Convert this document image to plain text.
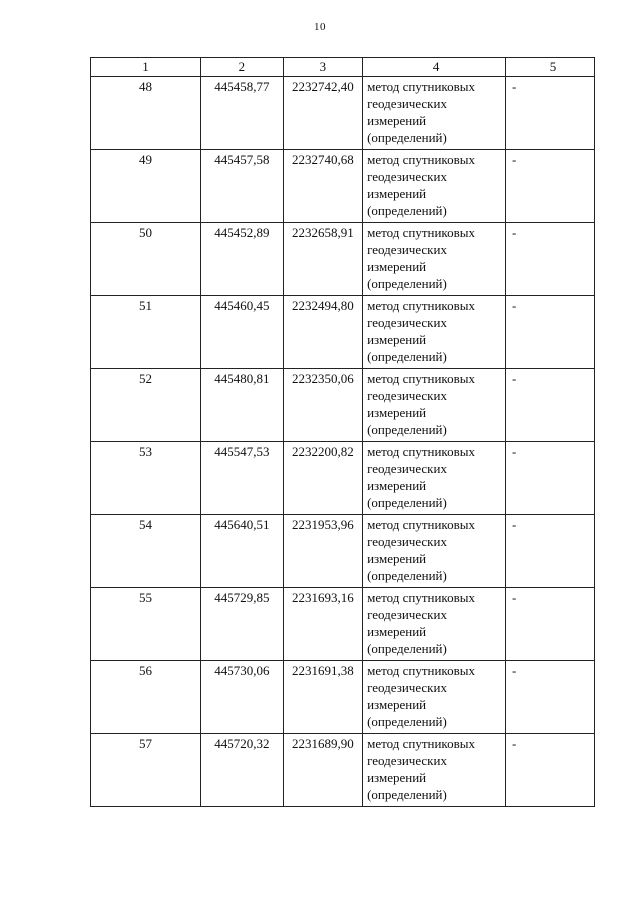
10
1	2	3	4	5
48	445458,77	2232742,40	метод спутниковых геодезических измерений (определений)	-
49	445457,58	2232740,68	метод спутниковых геодезических измерений (определений)	-
50	445452,89	2232658,91	метод спутниковых геодезических измерений (определений)	-
51	445460,45	2232494,80	метод спутниковых геодезических измерений (определений)	-
52	445480,81	2232350,06	метод спутниковых геодезических измерений (определений)	-
53	445547,53	2232200,82	метод спутниковых геодезических измерений (определений)	-
54	445640,51	2231953,96	метод спутниковых геодезических измерений (определений)	-
55	445729,85	2231693,16	метод спутниковых геодезических измерений (определений)	-
56	445730,06	2231691,38	метод спутниковых геодезических измерений (определений)	-
57	445720,32	2231689,90	метод спутниковых геодезических измерений (определений)	-
